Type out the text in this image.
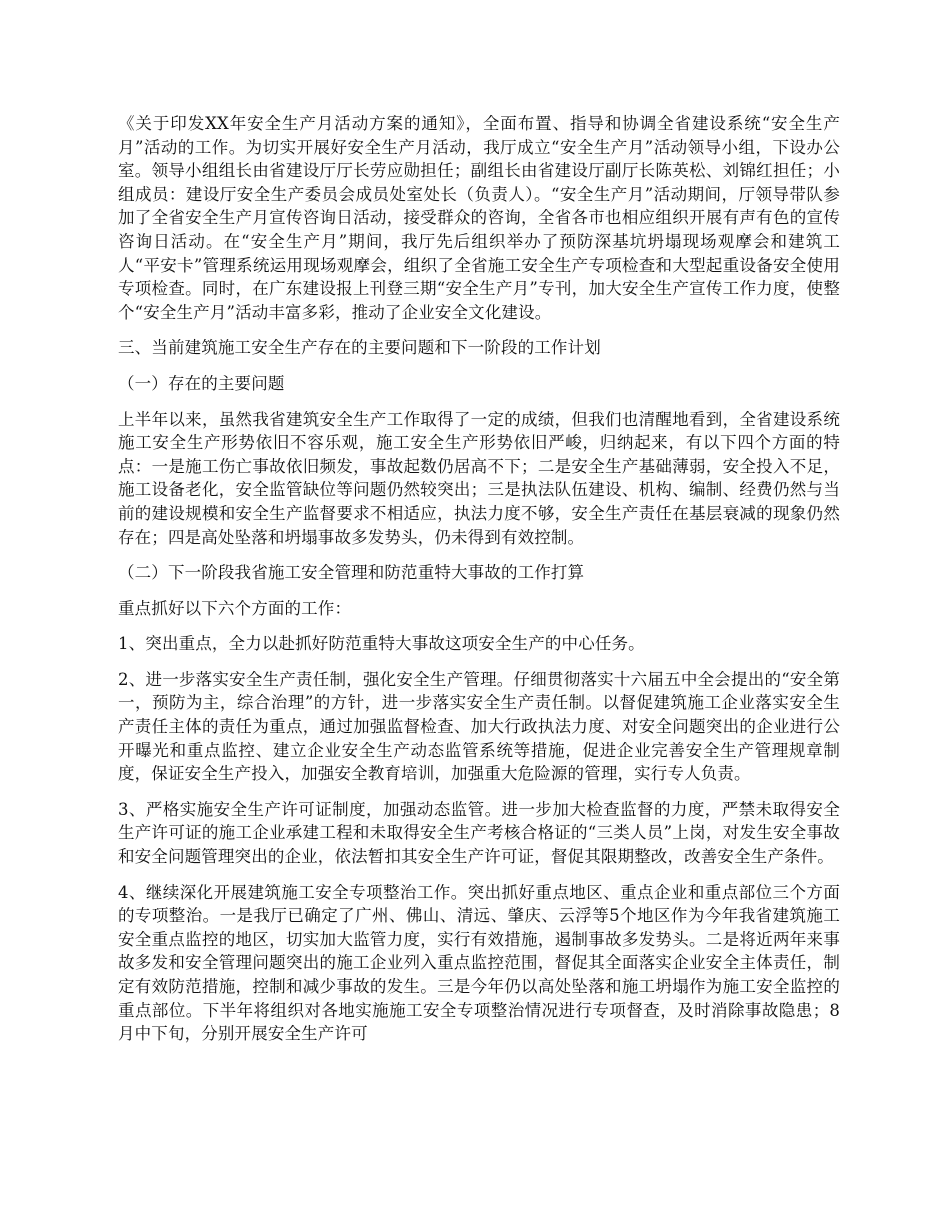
《关于印发XX年安全生产月活动方案的通知》，全面布置、指导和协调全省建设系统“安全生产月”活动的工作。为切实开展好安全生产月活动，我厅成立“安全生产月”活动领导小组，下设办公室。领导小组组长由省建设厅厅长劳应勋担任；副组长由省建设厅副厅长陈英松、刘锦红担任；小组成员：建设厅安全生产委员会成员处室处长（负责人）。“安全生产月”活动期间，厅领导带队参加了全省安全生产月宣传咨询日活动，接受群众的咨询，全省各市也相应组织开展有声有色的宣传咨询日活动。在“安全生产月”期间，我厅先后组织举办了预防深基坑坍塌现场观摩会和建筑工人“平安卡”管理系统运用现场观摩会，组织了全省施工安全生产专项检查和大型起重设备安全使用专项检查。同时，在广东建设报上刊登三期“安全生产月”专刊，加大安全生产宣传工作力度，使整个“安全生产月”活动丰富多彩，推动了企业安全文化建设。

三、当前建筑施工安全生产存在的主要问题和下一阶段的工作计划

（一）存在的主要问题

上半年以来，虽然我省建筑安全生产工作取得了一定的成绩，但我们也清醒地看到，全省建设系统施工安全生产形势依旧不容乐观，施工安全生产形势依旧严峻，归纳起来，有以下四个方面的特点：一是施工伤亡事故依旧频发，事故起数仍居高不下；二是安全生产基础薄弱，安全投入不足，施工设备老化，安全监管缺位等问题仍然较突出；三是执法队伍建设、机构、编制、经费仍然与当前的建设规模和安全生产监督要求不相适应，执法力度不够，安全生产责任在基层衰减的现象仍然存在；四是高处坠落和坍塌事故多发势头，仍未得到有效控制。

（二）下一阶段我省施工安全管理和防范重特大事故的工作打算

重点抓好以下六个方面的工作：

1、突出重点，全力以赴抓好防范重特大事故这项安全生产的中心任务。

2、进一步落实安全生产责任制，强化安全生产管理。仔细贯彻落实十六届五中全会提出的“安全第一，预防为主，综合治理”的方针，进一步落实安全生产责任制。以督促建筑施工企业落实安全生产责任主体的责任为重点，通过加强监督检查、加大行政执法力度、对安全问题突出的企业进行公开曝光和重点监控、建立企业安全生产动态监管系统等措施，促进企业完善安全生产管理规章制度，保证安全生产投入，加强安全教育培训，加强重大危险源的管理，实行专人负责。

3、严格实施安全生产许可证制度，加强动态监管。进一步加大检查监督的力度，严禁未取得安全生产许可证的施工企业承建工程和未取得安全生产考核合格证的“三类人员”上岗，对发生安全事故和安全问题管理突出的企业，依法暂扣其安全生产许可证，督促其限期整改，改善安全生产条件。

4、继续深化开展建筑施工安全专项整治工作。突出抓好重点地区、重点企业和重点部位三个方面的专项整治。一是我厅已确定了广州、佛山、清远、肇庆、云浮等5个地区作为今年我省建筑施工安全重点监控的地区，切实加大监管力度，实行有效措施，遏制事故多发势头。二是将近两年来事故多发和安全管理问题突出的施工企业列入重点监控范围，督促其全面落实企业安全主体责任，制定有效防范措施，控制和减少事故的发生。三是今年仍以高处坠落和施工坍塌作为施工安全监控的重点部位。下半年将组织对各地实施施工安全专项整治情况进行专项督查，及时消除事故隐患；8月中下旬，分别开展安全生产许可
